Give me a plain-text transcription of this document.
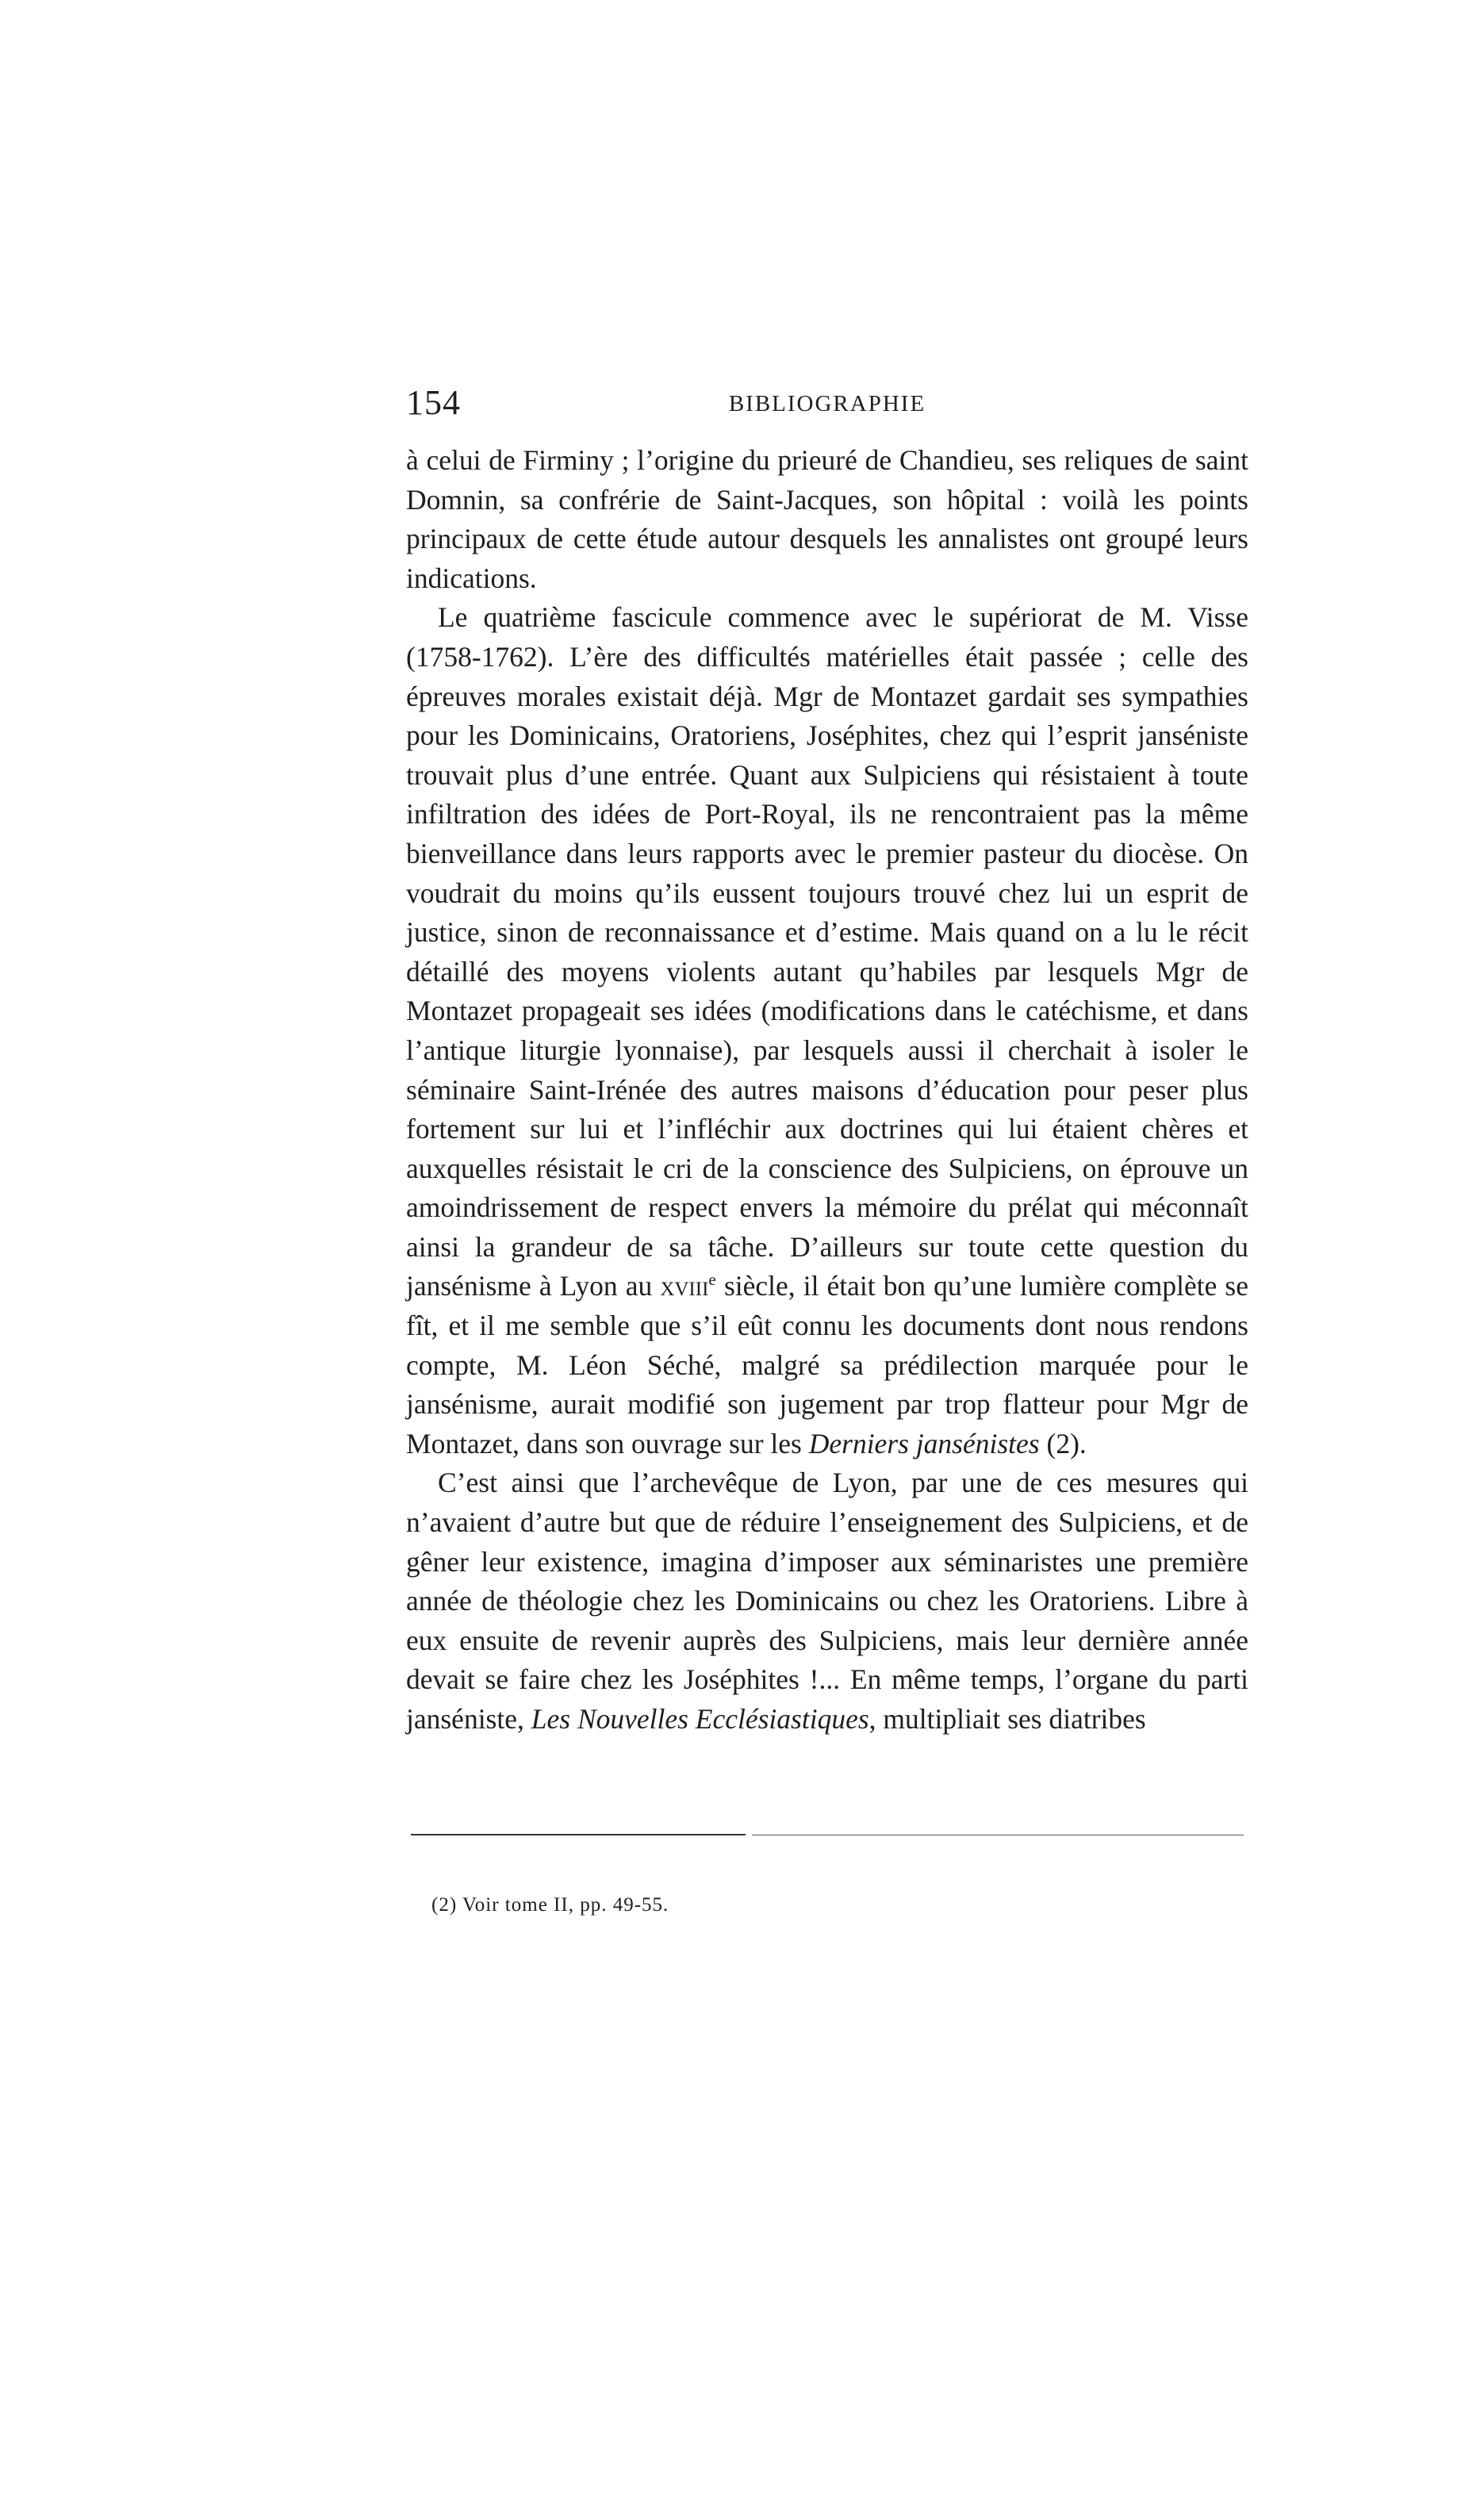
154	BIBLIOGRAPHIE

à celui de Firminy ; l’origine du prieuré de Chandieu, ses reliques de saint Domnin, sa confrérie de Saint-Jacques, son hôpital : voilà les points principaux de cette étude autour desquels les annalistes ont groupé leurs indications.

Le quatrième fascicule commence avec le supériorat de M. Visse (1758-1762). L’ère des difficultés matérielles était passée ; celle des épreuves morales existait déjà. Mgr de Montazet gardait ses sympathies pour les Dominicains, Oratoriens, Joséphites, chez qui l’esprit janséniste trouvait plus d’une entrée. Quant aux Sulpiciens qui résistaient à toute infiltration des idées de Port-Royal, ils ne rencontraient pas la même bienveillance dans leurs rapports avec le premier pasteur du diocèse. On voudrait du moins qu’ils eussent toujours trouvé chez lui un esprit de justice, sinon de reconnaissance et d’estime. Mais quand on a lu le récit détaillé des moyens violents autant qu’habiles par lesquels Mgr de Montazet propageait ses idées (modifications dans le catéchisme, et dans l’antique liturgie lyonnaise), par lesquels aussi il cherchait à isoler le séminaire Saint-Irénée des autres maisons d’éducation pour peser plus fortement sur lui et l’infléchir aux doctrines qui lui étaient chères et auxquelles résistait le cri de la conscience des Sulpiciens, on éprouve un amoindrissement de respect envers la mémoire du prélat qui méconnaît ainsi la grandeur de sa tâche. D’ailleurs sur toute cette question du jansénisme à Lyon au xviii$^e$ siècle, il était bon qu’une lumière complète se fît, et il me semble que s’il eût connu les documents dont nous rendons compte, M. Léon Séché, malgré sa prédilection marquée pour le jansénisme, aurait modifié son jugement par trop flatteur pour Mgr de Montazet, dans son ouvrage sur les Derniers jansénistes (2).

C’est ainsi que l’archevêque de Lyon, par une de ces mesures qui n’avaient d’autre but que de réduire l’enseignement des Sulpiciens, et de gêner leur existence, imagina d’imposer aux séminaristes une première année de théologie chez les Dominicains ou chez les Oratoriens. Libre à eux ensuite de revenir auprès des Sulpiciens, mais leur dernière année devait se faire chez les Joséphites !... En même temps, l’organe du parti janséniste, Les Nouvelles Ecclésiastiques, multipliait ses diatribes

(2) Voir tome II, pp. 49-55.
